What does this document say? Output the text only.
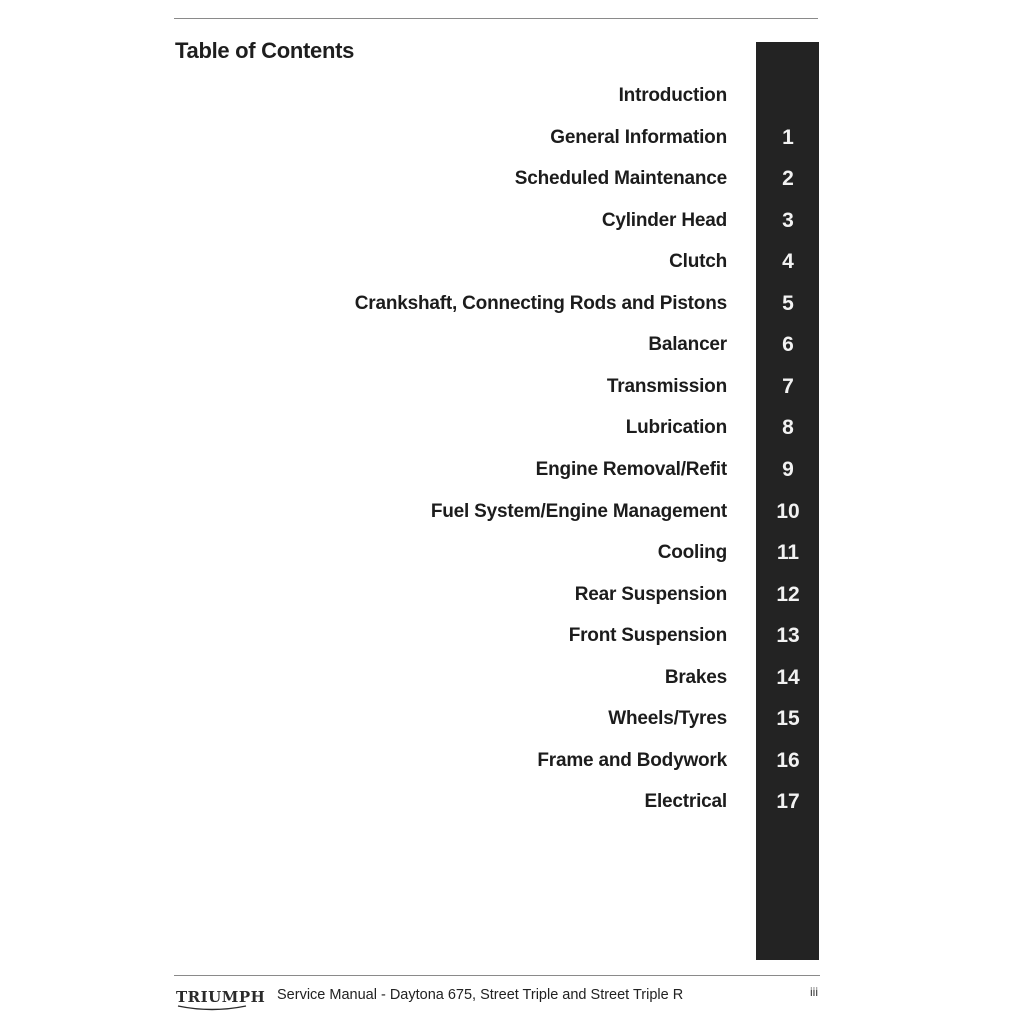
Table of Contents
Introduction
General Information	1
Scheduled Maintenance	2
Cylinder Head	3
Clutch	4
Crankshaft, Connecting Rods and Pistons	5
Balancer	6
Transmission	7
Lubrication	8
Engine Removal/Refit	9
Fuel System/Engine Management	10
Cooling	11
Rear Suspension	12
Front Suspension	13
Brakes	14
Wheels/Tyres	15
Frame and Bodywork	16
Electrical	17
TRIUMPH Service Manual - Daytona 675, Street Triple and Street Triple R	iii
